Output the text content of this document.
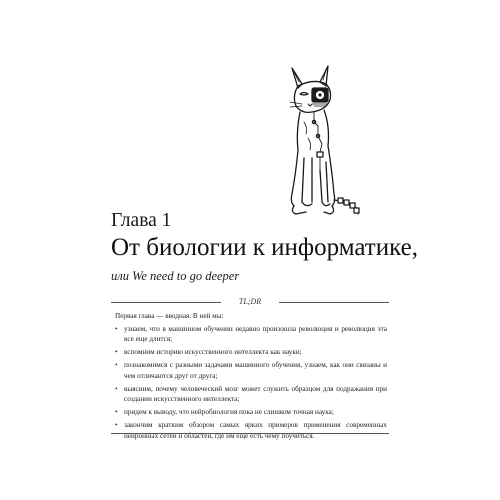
Глава 1
От биологии к информатике,
или We need to go deeper
TL;DR

Первая глава — вводная. В ней мы:

• узнаем, что в машинном обучении недавно произошла революция и революция эта все еще длится;
• вспомним историю искусственного интеллекта как науки;
• познакомимся с разными задачами машинного обучения, узнаем, как они связаны и чем отличаются друг от друга;
• выясним, почему человеческий мозг может служить образцом для подражания при создании искусственного интеллекта;
• придем к выводу, что нейробиология пока не слишком точная наука;
• закончим кратким обзором самых ярких примеров применения современных нейронных сетей и областей, где им еще есть чему поучиться.
